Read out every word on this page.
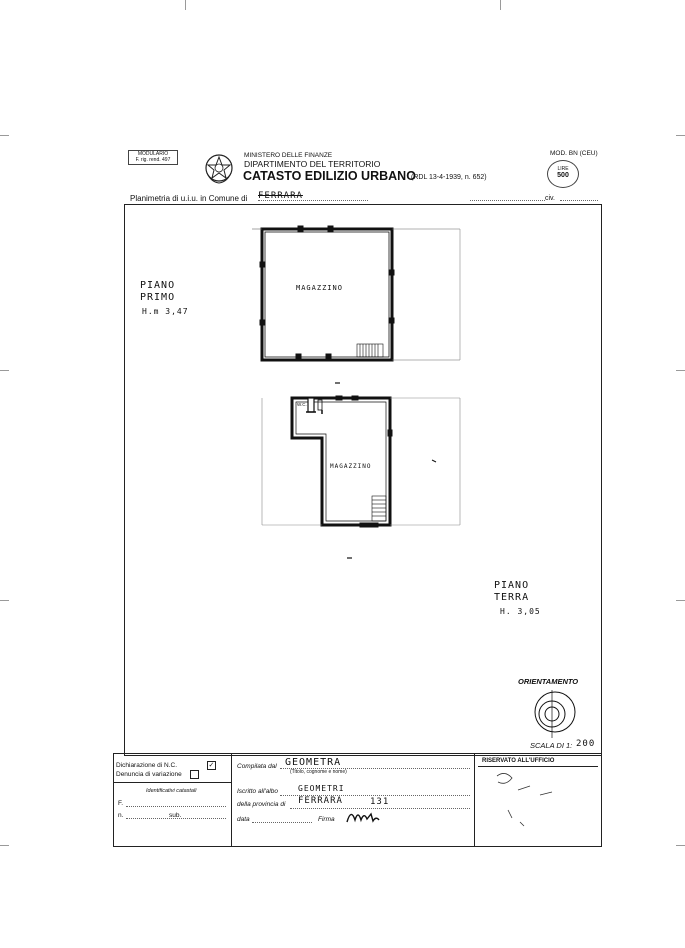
MODULARIO
F. rig. rend. 497
MINISTERO DELLE FINANZE
DIPARTIMENTO DEL TERRITORIO
CATASTO EDILIZIO URBANO
(RDL 13-4-1939, n. 652)
MOD. BN (CEU)
LIRE
500
Planimetria di u.i.u. in Comune di FERRARA	civ.
MAGAZZINO
MAGAZZINO
W.C.
PIANO PRIMO
H.m 3,47
PIANO TERRA
H. 3,05
ORIENTAMENTO
SCALA DI 1: 200

Dichiarazione di N.C.	✓
Denuncia di variazione
Identificativi catastali
F.
n.	sub.
Compilata dal GEOMETRA
(Titolo, cognome e nome)
Iscritto all'albo	GEOMETRI
della provincia di FERRARA	131
data	Firma
RISERVATO ALL'UFFICIO
